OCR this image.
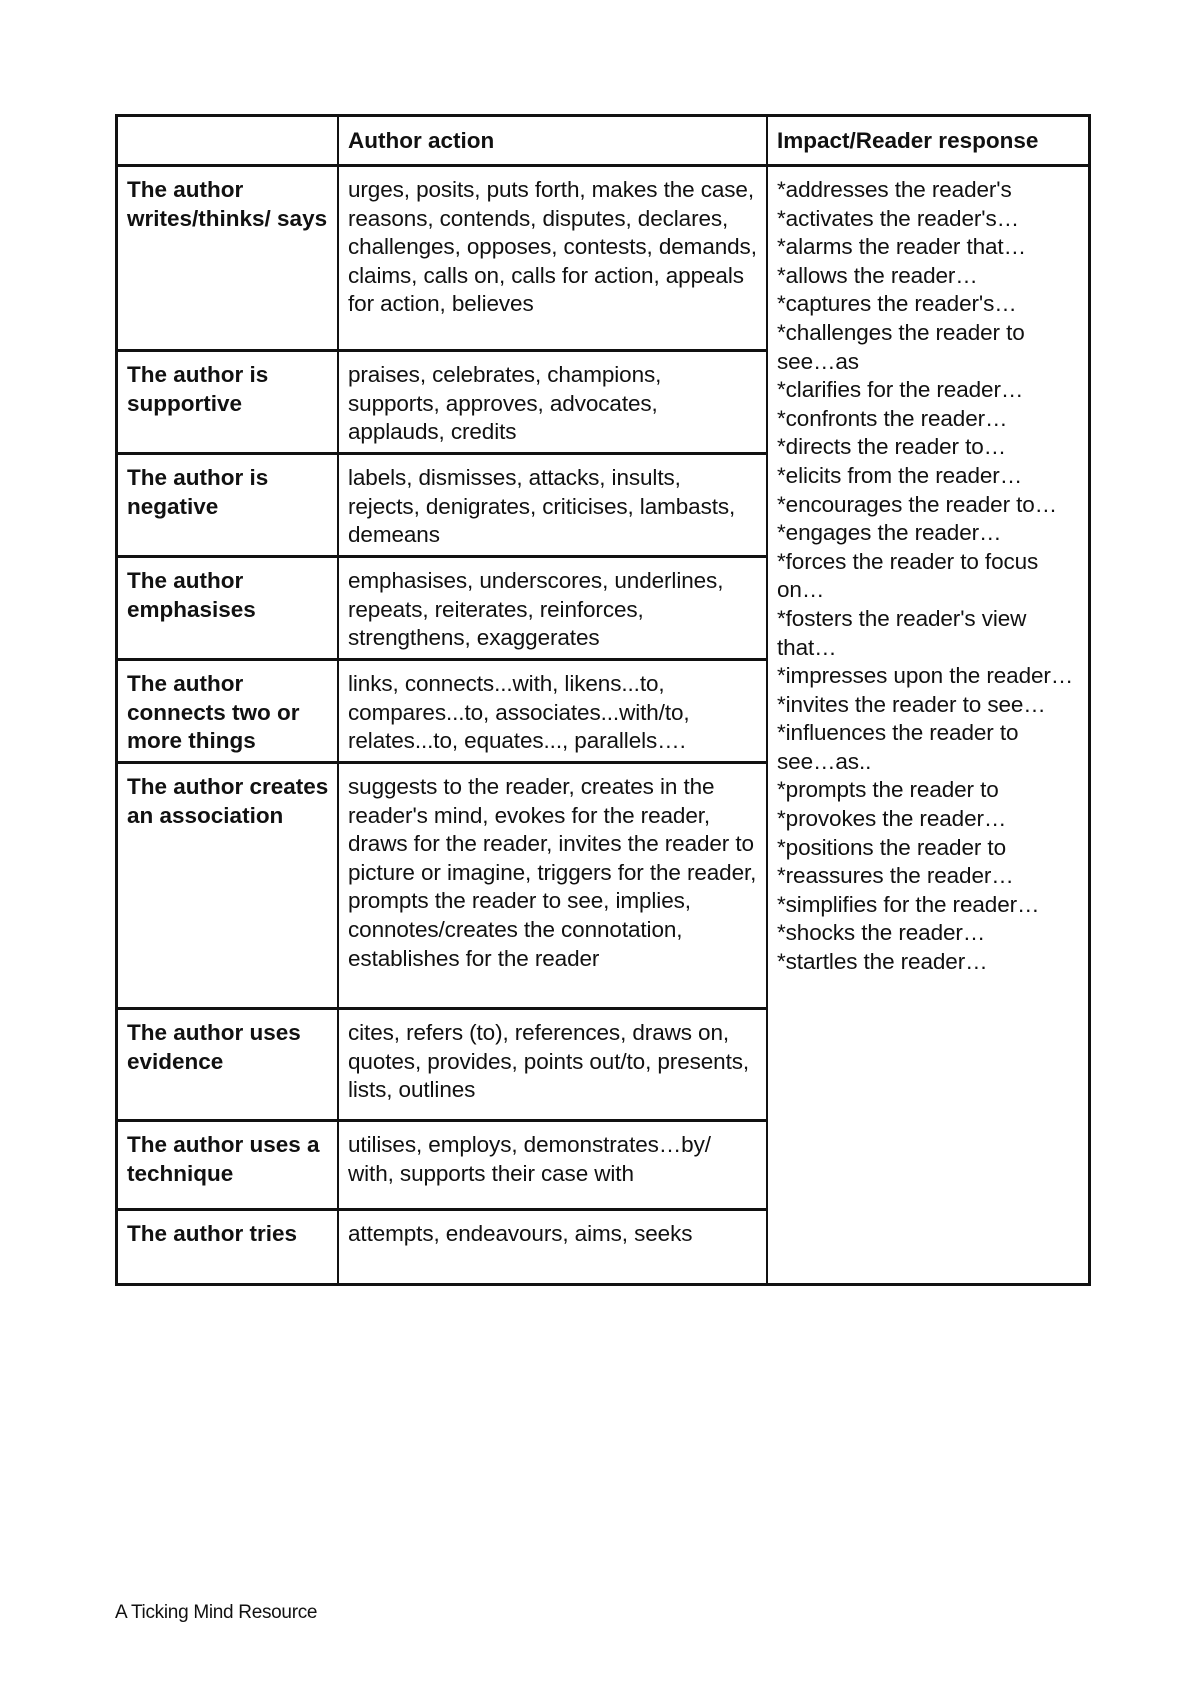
The author writes/thinks/ says
The author is supportive
The author is negative
The author emphasises
The author connects two or more things
The author creates an association
The author uses evidence
The author uses a technique
The author tries
Author action
urges, posits, puts forth, makes the case, reasons, contends, disputes, declares, challenges, opposes, contests, demands, claims, calls on, calls for action, appeals for action, believes
praises, celebrates, champions, supports, approves, advocates, applauds, credits
labels, dismisses, attacks, insults, rejects, denigrates, criticises, lambasts, demeans
emphasises, underscores, underlines, repeats, reiterates, reinforces, strengthens, exaggerates
links, connects...with, likens...to, compares...to, associates...with/to, relates...to, equates..., parallels….
suggests to the reader, creates in the reader's mind, evokes for the reader, draws for the reader, invites the reader to picture or imagine, triggers for the reader, prompts the reader to see, implies, connotes/creates the connotation, establishes for the reader
cites, refers (to), references, draws on, quotes, provides, points out/to, presents, lists, outlines
utilises, employs, demonstrates…by/ with, supports their case with
attempts, endeavours, aims, seeks
Impact/Reader response
*addresses the reader's
*activates the reader's…
*alarms the reader that…
*allows the reader…
*captures the reader's…
*challenges the reader to see…as
*clarifies for the reader…
*confronts the reader…
*directs the reader to…
*elicits from the reader…
*encourages the reader to…
*engages the reader…
*forces the reader to focus on…
*fosters the reader's view that…
*impresses upon the reader…
*invites the reader to see…
*influences the reader to see…as..
*prompts the reader to
*provokes the reader…
*positions the reader to
*reassures the reader…
*simplifies for the reader…
*shocks the reader…
*startles the reader…
A Ticking Mind Resource
